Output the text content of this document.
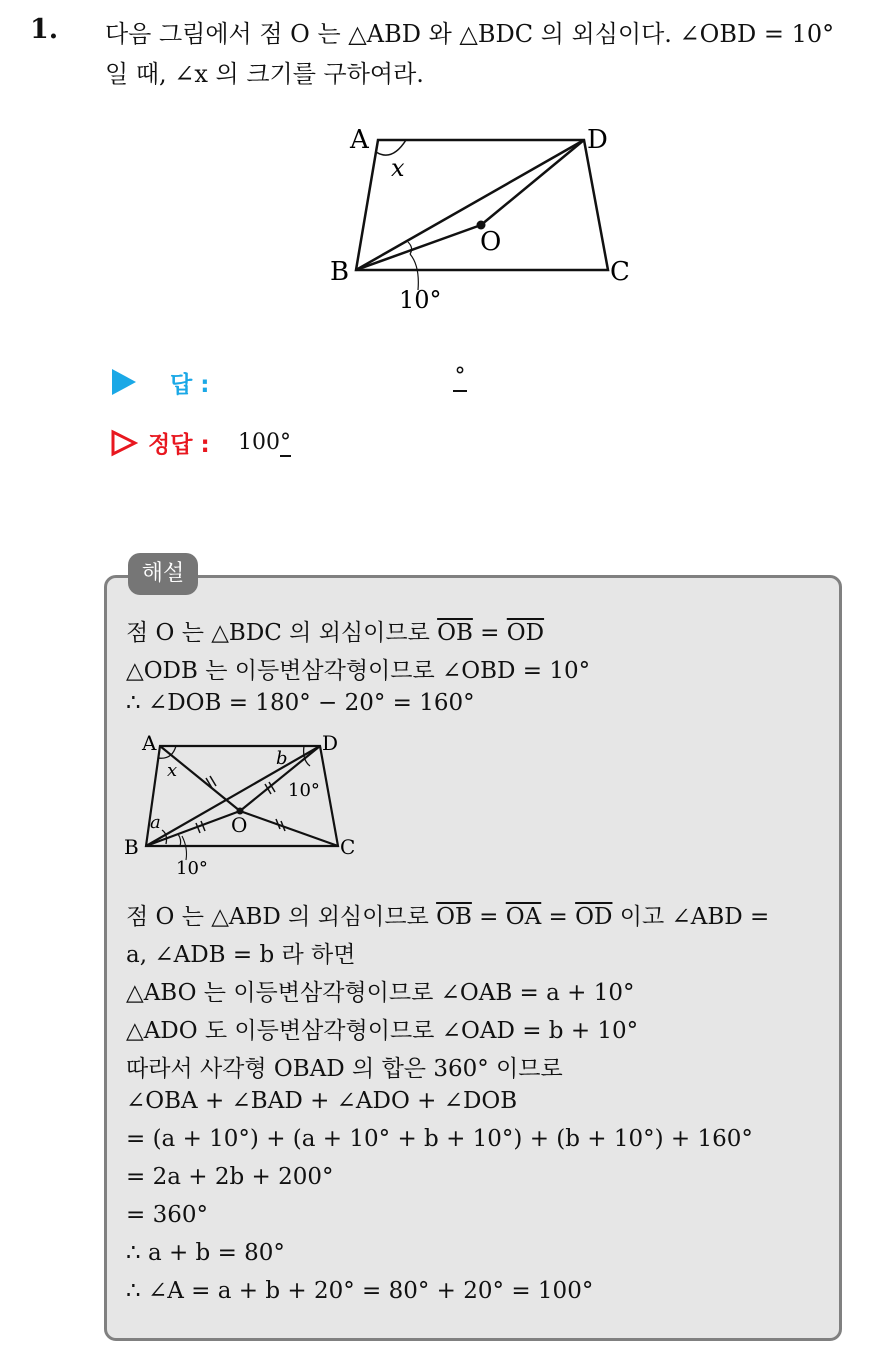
1. 다음 그림에서 점 O 는 △ABD 와 △BDC 의 외심이다. ∠OBD = 10°
일 때, ∠x 의 크기를 구하여라.
A	D
B	C
O
x
10°
답 :	°
정답 : 100°
해설
점 O 는 △BDC 의 외심이므로 $\overline{OB} = \overline{OD}$
△ODB 는 이등변삼각형이므로 ∠OBD = 10°
∴ ∠DOB = 180° − 20° = 160°
A	D
B	C
O
x
a
b
10°
10°
점 O 는 △ABD 의 외심이므로 $\overline{OB} = \overline{OA} = \overline{OD}$ 이고 ∠ABD =
a, ∠ADB = b 라 하면
△ABO 는 이등변삼각형이므로 ∠OAB = a + 10°
△ADO 도 이등변삼각형이므로 ∠OAD = b + 10°
따라서 사각형 OBAD 의 합은 360° 이므로
∠OBA + ∠BAD + ∠ADO + ∠DOB
= (a + 10°) + (a + 10° + b + 10°) + (b + 10°) + 160°
= 2a + 2b + 200°
= 360°
∴ a + b = 80°
∴ ∠A = a + b + 20° = 80° + 20° = 100°
